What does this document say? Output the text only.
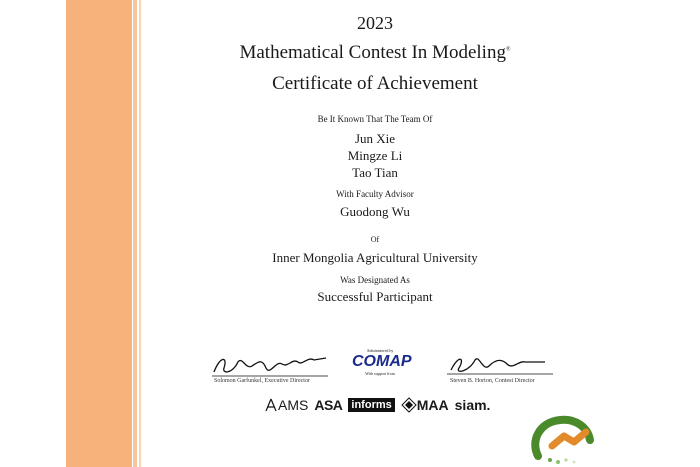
2023
Mathematical Contest In Modeling®
Certificate of Achievement
Be It Known That The Team Of
Jun Xie
Mingze Li
Tao Tian
With Faculty Advisor
Guodong Wu
Of
Inner Mongolia Agricultural University
Was Designated As
Successful Participant
Solomon Garfunkel, Executive Director
Administered by
COMAP
With support from
Steven B. Horton, Contest Director
AMS ASA informs MAA siam.
